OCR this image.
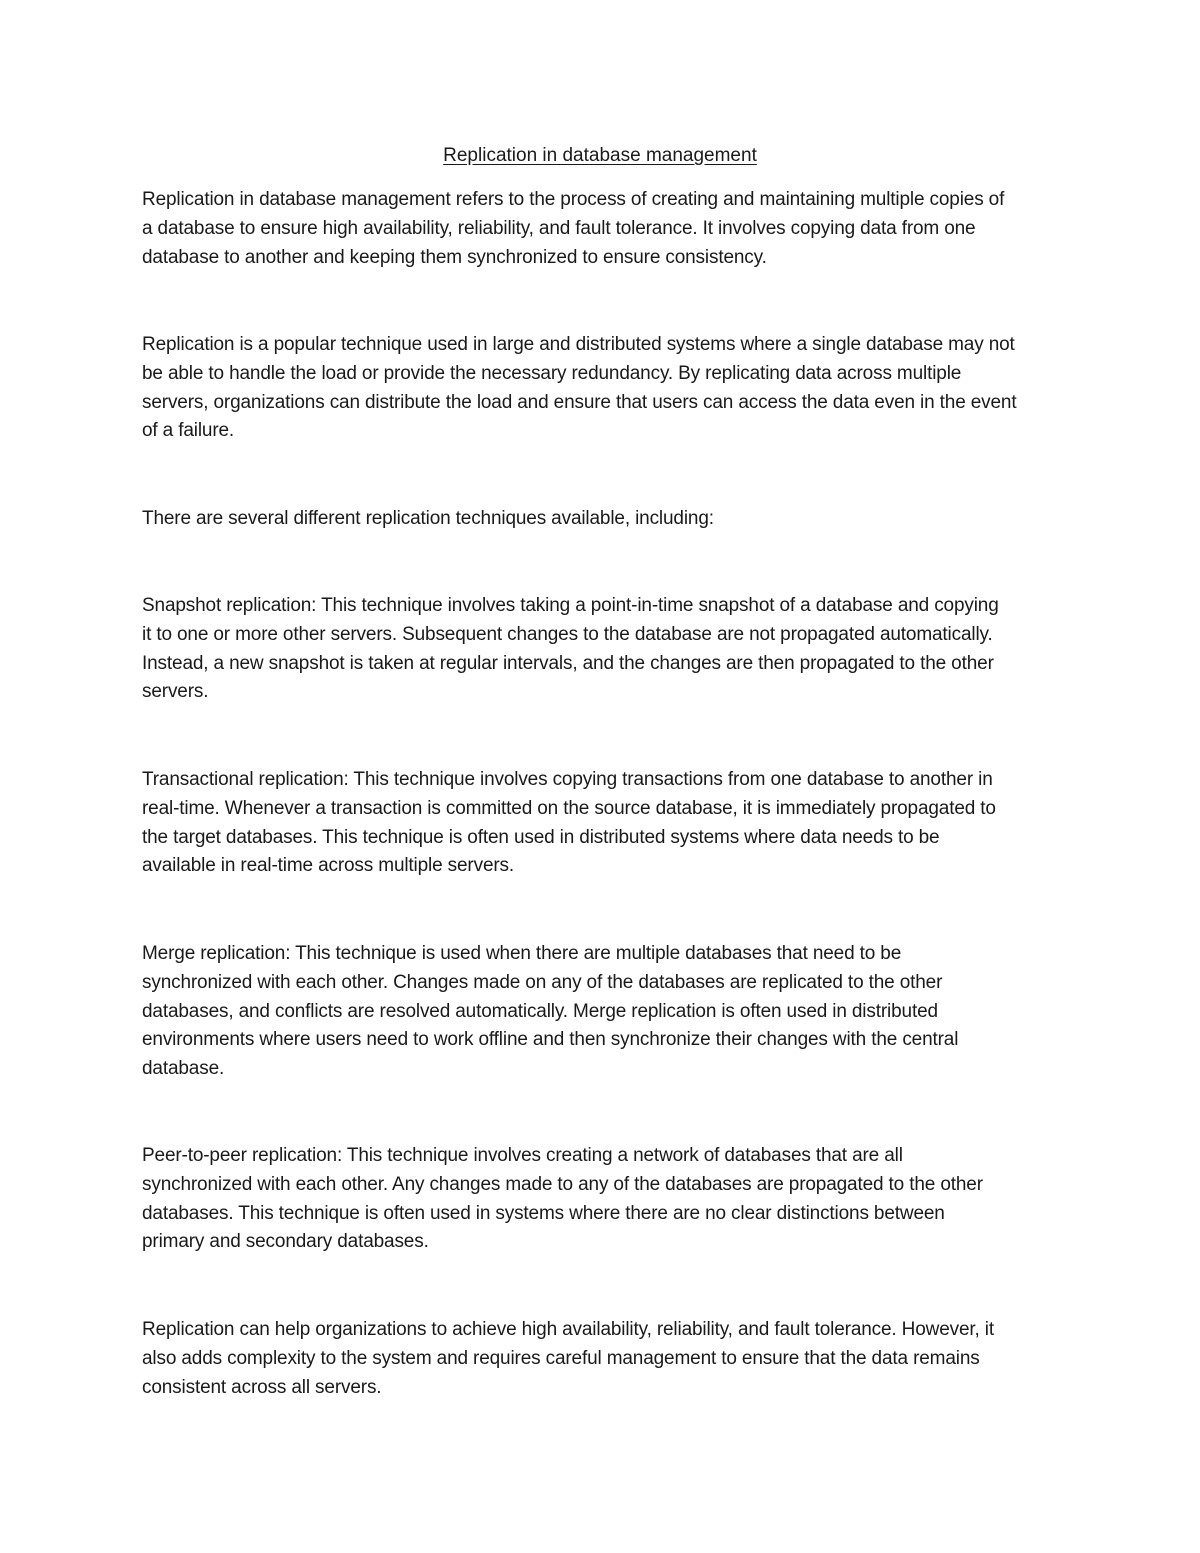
Replication in database management

Replication in database management refers to the process of creating and maintaining multiple copies of
a database to ensure high availability, reliability, and fault tolerance. It involves copying data from one
database to another and keeping them synchronized to ensure consistency.

Replication is a popular technique used in large and distributed systems where a single database may not
be able to handle the load or provide the necessary redundancy. By replicating data across multiple
servers, organizations can distribute the load and ensure that users can access the data even in the event
of a failure.

There are several different replication techniques available, including:

Snapshot replication: This technique involves taking a point-in-time snapshot of a database and copying
it to one or more other servers. Subsequent changes to the database are not propagated automatically.
Instead, a new snapshot is taken at regular intervals, and the changes are then propagated to the other
servers.

Transactional replication: This technique involves copying transactions from one database to another in
real-time. Whenever a transaction is committed on the source database, it is immediately propagated to
the target databases. This technique is often used in distributed systems where data needs to be
available in real-time across multiple servers.

Merge replication: This technique is used when there are multiple databases that need to be
synchronized with each other. Changes made on any of the databases are replicated to the other
databases, and conflicts are resolved automatically. Merge replication is often used in distributed
environments where users need to work offline and then synchronize their changes with the central
database.

Peer-to-peer replication: This technique involves creating a network of databases that are all
synchronized with each other. Any changes made to any of the databases are propagated to the other
databases. This technique is often used in systems where there are no clear distinctions between
primary and secondary databases.

Replication can help organizations to achieve high availability, reliability, and fault tolerance. However, it
also adds complexity to the system and requires careful management to ensure that the data remains
consistent across all servers.
